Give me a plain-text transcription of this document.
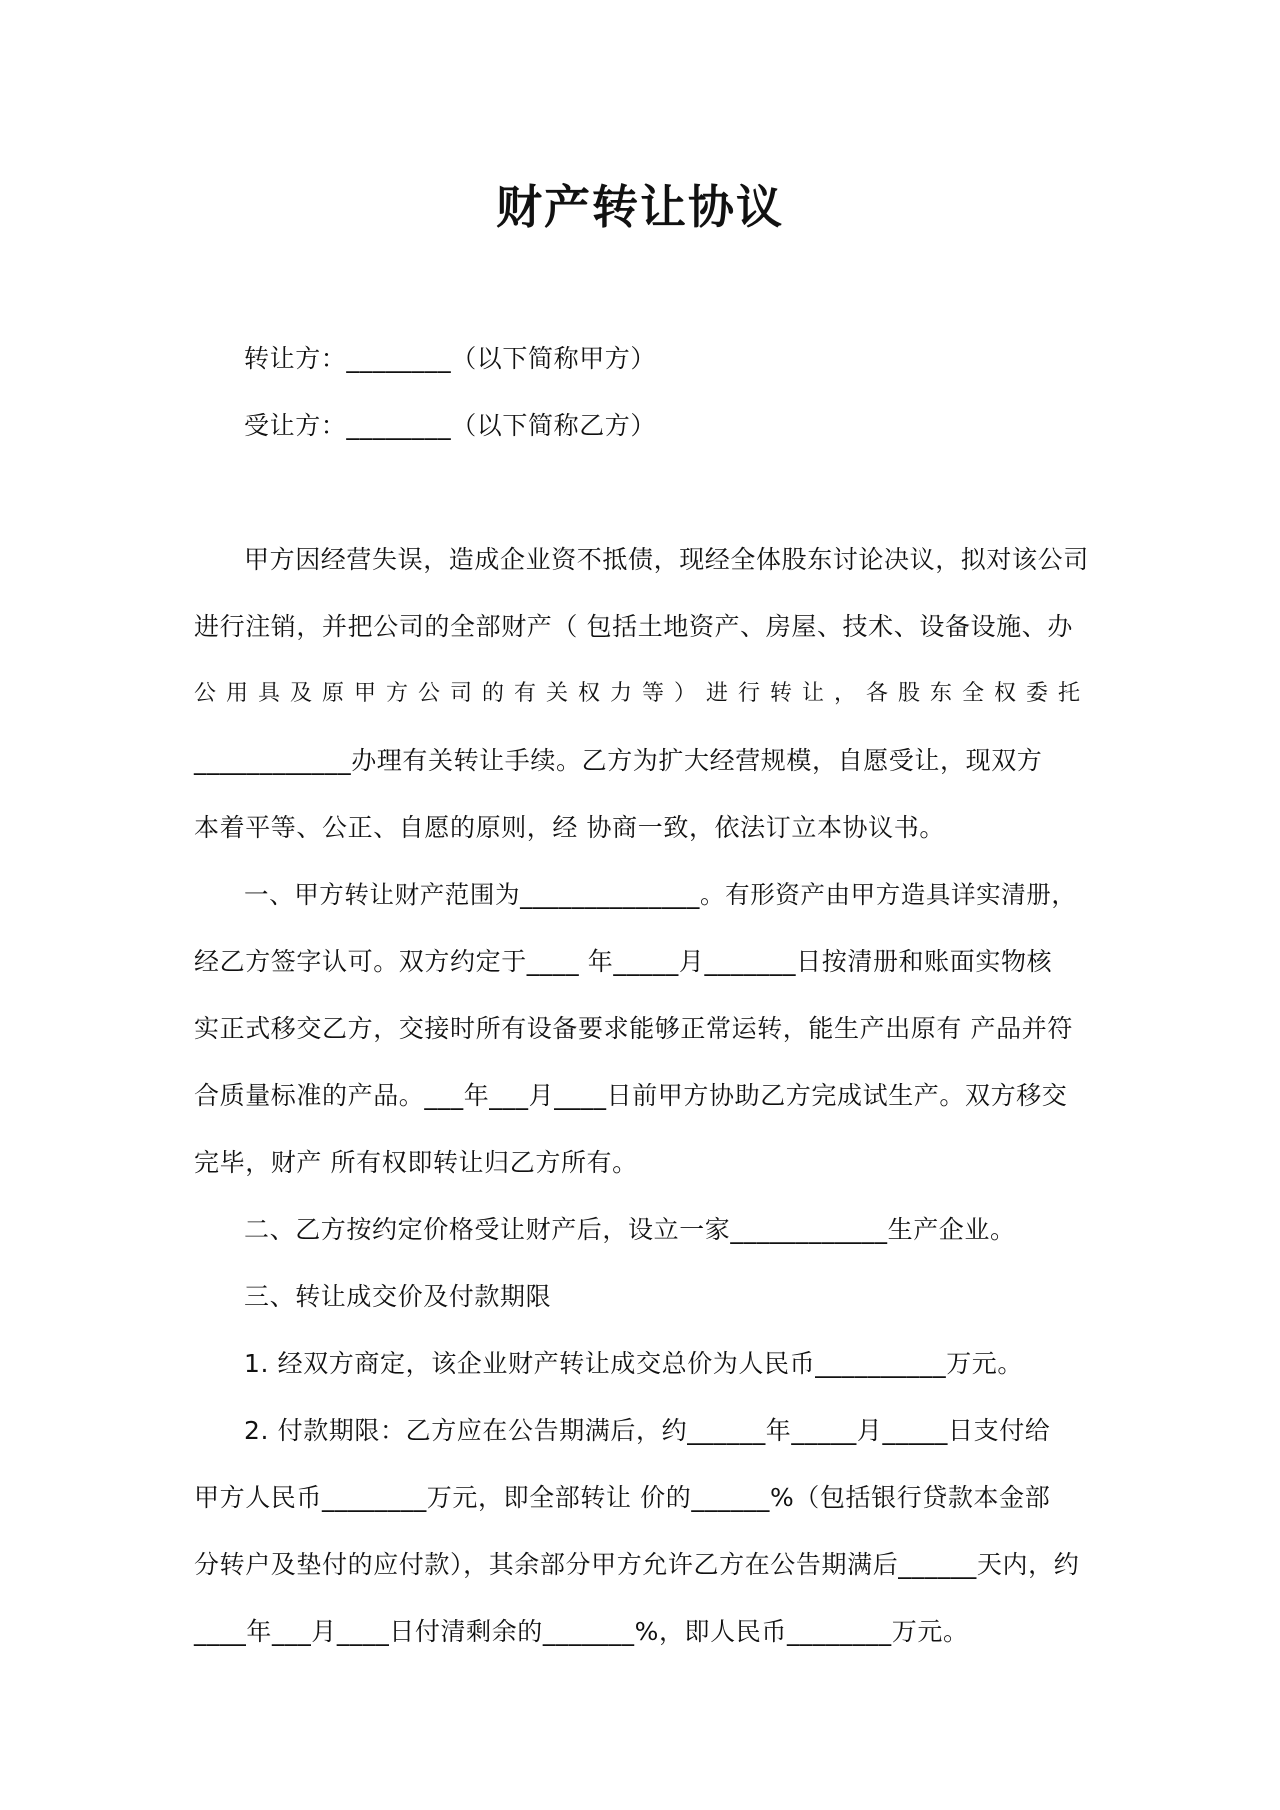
财产转让协议
转让方：________（以下简称甲方）
受让方：________（以下简称乙方）
甲方因经营失误，造成企业资不抵债，现经全体股东讨论决议，拟对该公司
进行注销，并把公司的全部财产（ 包括土地资产、房屋、技术、设备设施、办
公用具及原甲方公司的有关权力等）进行转让，各股东全权委托
____________办理有关转让手续。乙方为扩大经营规模，自愿受让，现双方
本着平等、公正、自愿的原则，经 协商一致，依法订立本协议书。
一、甲方转让财产范围为______________。有形资产由甲方造具详实清册，
经乙方签字认可。双方约定于____ 年_____月_______日按清册和账面实物核
实正式移交乙方，交接时所有设备要求能够正常运转，能生产出原有 产品并符
合质量标准的产品。___年___月____日前甲方协助乙方完成试生产。双方移交
完毕，财产 所有权即转让归乙方所有。
二、乙方按约定价格受让财产后，设立一家____________生产企业。
三、转让成交价及付款期限
1. 经双方商定，该企业财产转让成交总价为人民币__________万元。
2. 付款期限：乙方应在公告期满后，约______年_____月_____日支付给
甲方人民币________万元，即全部转让 价的______%（包括银行贷款本金部
分转户及垫付的应付款），其余部分甲方允许乙方在公告期满后______天内，约
____年___月____日付清剩余的_______%，即人民币________万元。
